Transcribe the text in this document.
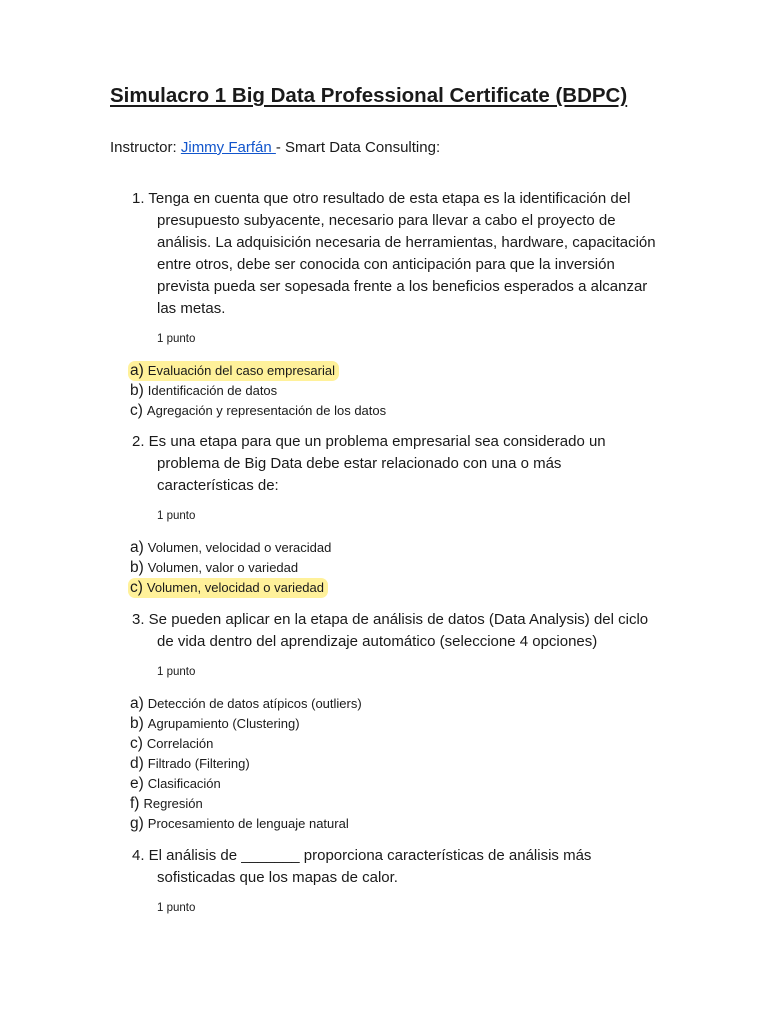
Simulacro 1 Big Data Professional Certificate (BDPC)
Instructor: Jimmy Farfán - Smart Data Consulting:

1. Tenga en cuenta que otro resultado de esta etapa es la identificación del presupuesto subyacente, necesario para llevar a cabo el proyecto de análisis. La adquisición necesaria de herramientas, hardware, capacitación entre otros, debe ser conocida con anticipación para que la inversión prevista pueda ser sopesada frente a los beneficios esperados a alcanzar las metas.

1 punto
a) Evaluación del caso empresarial
b) Identificación de datos
c) Agregación y representación de los datos

2. Es una etapa para que un problema empresarial sea considerado un problema de Big Data debe estar relacionado con una o más características de:

1 punto
a) Volumen, velocidad o veracidad
b) Volumen, valor o variedad
c) Volumen, velocidad o variedad

3. Se pueden aplicar en la etapa de análisis de datos (Data Analysis) del ciclo de vida dentro del aprendizaje automático (seleccione 4 opciones)

1 punto
a) Detección de datos atípicos (outliers)
b) Agrupamiento (Clustering)
c) Correlación
d) Filtrado (Filtering)
e) Clasificación
f) Regresión
g) Procesamiento de lenguaje natural

4. El análisis de _______ proporciona características de análisis más sofisticadas que los mapas de calor.

1 punto
